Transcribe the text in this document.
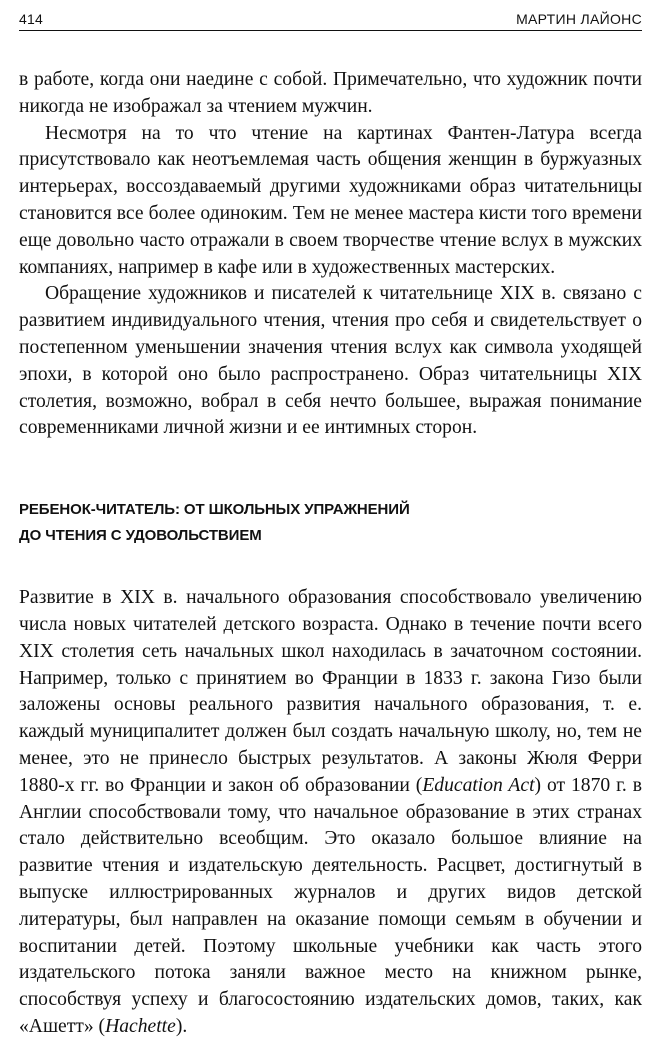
414	МАРТИН ЛАЙОНС

в работе, когда они наедине с собой. Примечательно, что художник почти никогда не изображал за чтением мужчин.

Несмотря на то что чтение на картинах Фантен-Латура всегда присутствовало как неотъемлемая часть общения женщин в буржуазных интерьерах, воссоздаваемый другими художниками образ читательницы становится все более одиноким. Тем не менее мастера кисти того времени еще довольно часто отражали в своем творчестве чтение вслух в мужских компаниях, например в кафе или в художественных мастерских.

Обращение художников и писателей к читательнице XIX в. связано с развитием индивидуального чтения, чтения про себя и свидетельствует о постепенном уменьшении значения чтения вслух как символа уходящей эпохи, в которой оно было распространено. Образ читательницы XIX столетия, возможно, вобрал в себя нечто большее, выражая понимание современниками личной жизни и ее интимных сторон.

РЕБЕНОК-ЧИТАТЕЛЬ: ОТ ШКОЛЬНЫХ УПРАЖНЕНИЙ
ДО ЧТЕНИЯ С УДОВОЛЬСТВИЕМ

Развитие в XIX в. начального образования способствовало увеличению числа новых читателей детского возраста. Однако в течение почти всего XIX столетия сеть начальных школ находилась в зачаточном состоянии. Например, только с принятием во Франции в 1833 г. закона Гизо были заложены основы реального развития начального образования, т. е. каждый муниципалитет должен был создать начальную школу, но, тем не менее, это не принесло быстрых результатов. А законы Жюля Ферри 1880-х гг. во Франции и закон об образовании (Education Act) от 1870 г. в Англии способствовали тому, что начальное образование в этих странах стало действительно всеобщим. Это оказало большое влияние на развитие чтения и издательскую деятельность. Расцвет, достигнутый в выпуске иллюстрированных журналов и других видов детской литературы, был направлен на оказание помощи семьям в обучении и воспитании детей. Поэтому школьные учебники как часть этого издательского потока заняли важное место на книжном рынке, способствуя успеху и благосостоянию издательских домов, таких, как «Ашетт» (Hachette).
